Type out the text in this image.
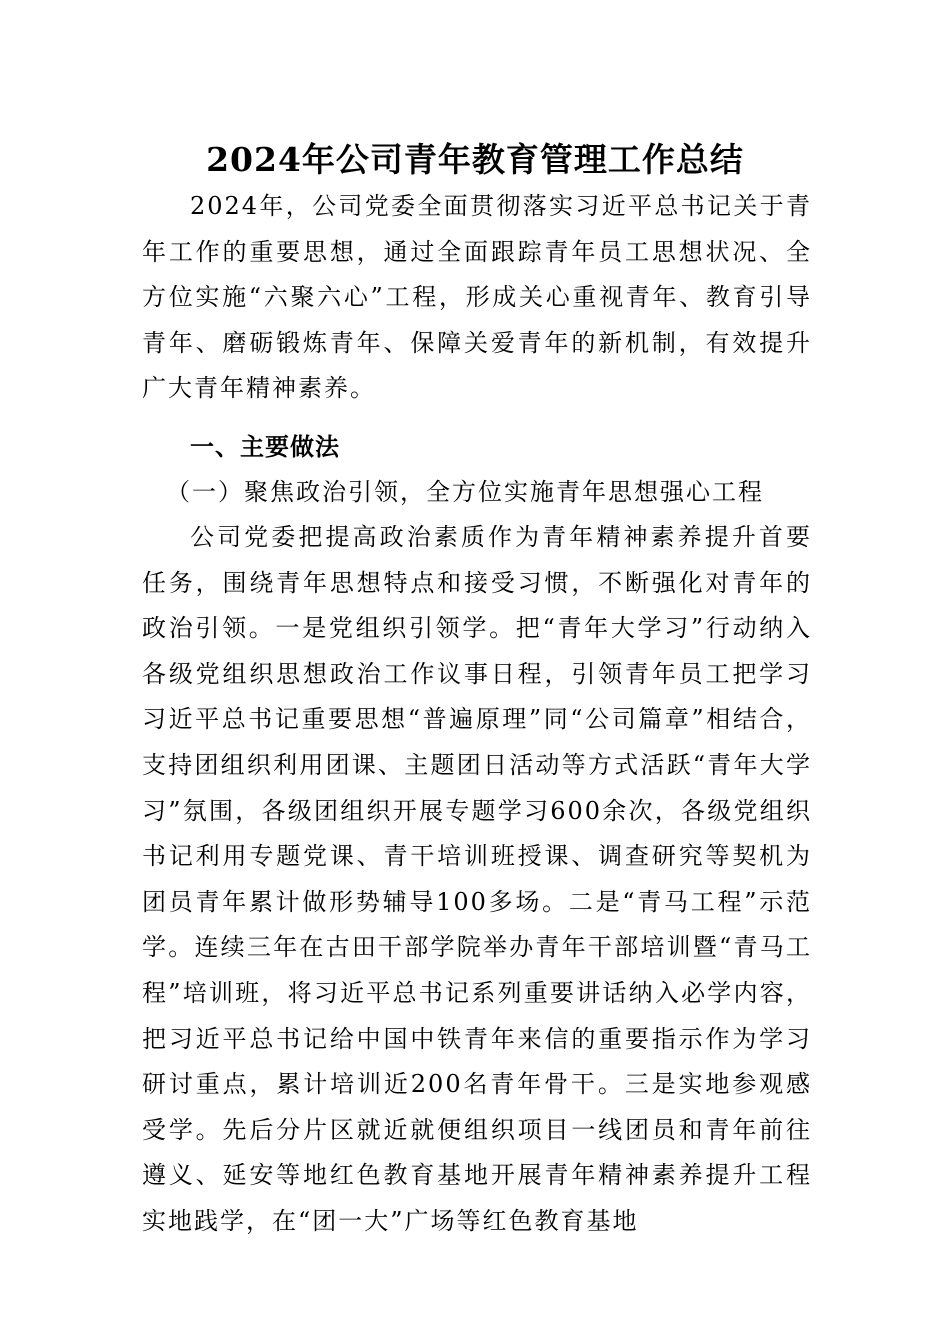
2024年公司青年教育管理工作总结

2024年，公司党委全面贯彻落实习近平总书记关于青年工作的重要思想，通过全面跟踪青年员工思想状况、全方位实施“六聚六心”工程，形成关心重视青年、教育引导青年、磨砺锻炼青年、保障关爱青年的新机制，有效提升广大青年精神素养。

一、主要做法
（一）聚焦政治引领，全方位实施青年思想强心工程

公司党委把提高政治素质作为青年精神素养提升首要任务，围绕青年思想特点和接受习惯，不断强化对青年的政治引领。一是党组织引领学。把“青年大学习”行动纳入各级党组织思想政治工作议事日程，引领青年员工把学习习近平总书记重要思想“普遍原理”同“公司篇章”相结合，支持团组织利用团课、主题团日活动等方式活跃“青年大学习”氛围，各级团组织开展专题学习600余次，各级党组织书记利用专题党课、青干培训班授课、调查研究等契机为团员青年累计做形势辅导100多场。二是“青马工程”示范学。连续三年在古田干部学院举办青年干部培训暨“青马工程”培训班，将习近平总书记系列重要讲话纳入必学内容，把习近平总书记给中国中铁青年来信的重要指示作为学习研讨重点，累计培训近200名青年骨干。三是实地参观感受学。先后分片区就近就便组织项目一线团员和青年前往遵义、延安等地红色教育基地开展青年精神素养提升工程实地践学，在“团一大”广场等红色教育基地
